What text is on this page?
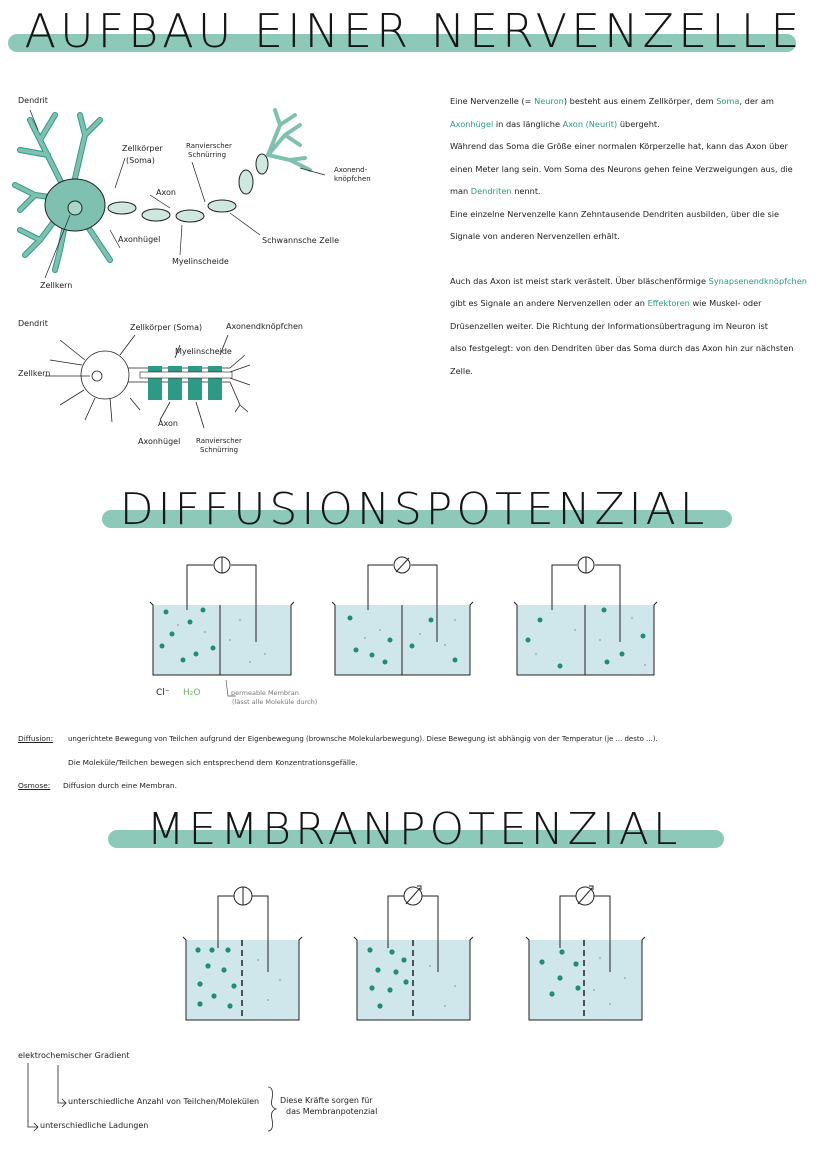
AUFBAU EINER NERVENZELLE
Dendrit
Zellkörper
(Soma)
Ranvierscher
Schnürring
Axon
Axonend-
knöpfchen
Axonhügel
Myelinscheide
Schwannsche Zelle
Zellkern
Dendrit	Zellkörper (Soma)	Axonendknöpfchen
Myelinscheide
Zellkern
Axon
Axonhügel Ranvierscher
Schnürring
Eine Nervenzelle (= Neuron) besteht aus einem Zellkörper, dem Soma, der am
Axonhügel in das längliche Axon (Neurit) übergeht.
Während das Soma die Größe einer normalen Körperzelle hat, kann das Axon über
einen Meter lang sein. Vom Soma des Neurons gehen feine Verzweigungen aus, die
man Dendriten nennt.
Eine einzelne Nervenzelle kann Zehntausende Dendriten ausbilden, über die sie
Signale von anderen Nervenzellen erhält.
Auch das Axon ist meist stark verästelt. Über bläschenförmige Synapsenendknöpfchen
gibt es Signale an andere Nervenzellen oder an Effektoren wie Muskel- oder
Drüsenzellen weiter. Die Richtung der Informationsübertragung im Neuron ist
also festgelegt: von den Dendriten über das Soma durch das Axon hin zur nächsten
Zelle.
DIFFUSIONSPOTENZIAL
Cl⁻ H₂O	permeable Membran
(lässt alle Moleküle durch)
Diffusion: ungerichtete Bewegung von Teilchen aufgrund der Eigenbewegung (brownsche Molekularbewegung). Diese Bewegung ist abhängig von der Temperatur (je ... desto ...).
Die Moleküle/Teilchen bewegen sich entsprechend dem Konzentrationsgefälle.
Osmose: Diffusion durch eine Membran.
MEMBRANPOTENZIAL
elektrochemischer Gradient
unterschiedliche Anzahl von Teilchen/Molekülen
unterschiedliche Ladungen
Diese Kräfte sorgen für
das Membranpotenzial
